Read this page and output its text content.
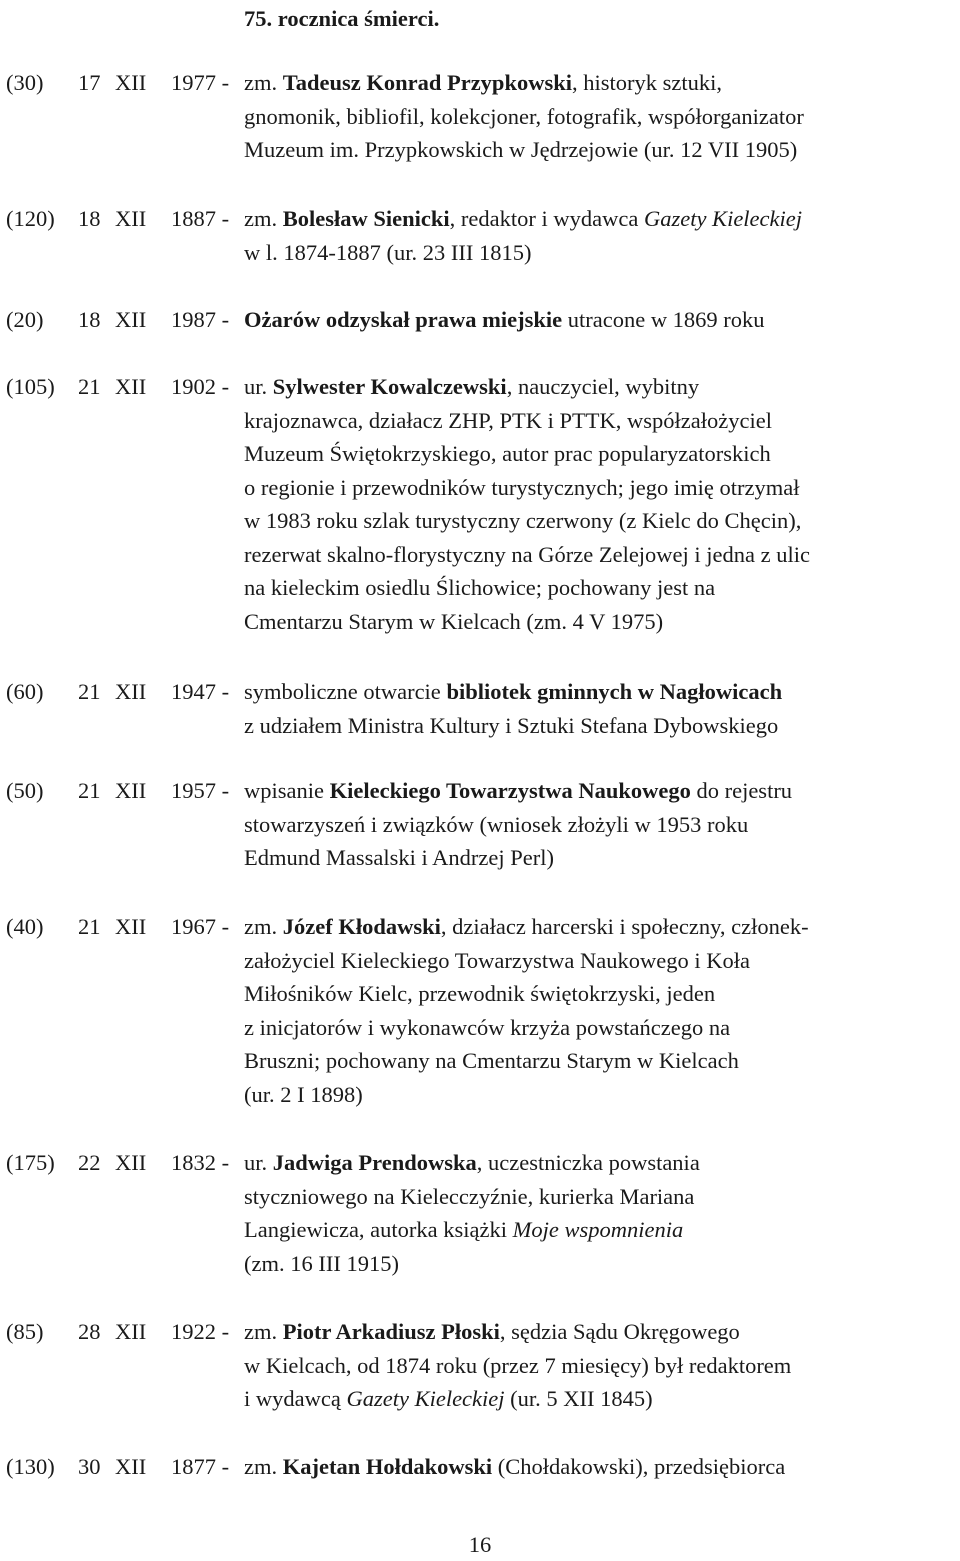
75. rocznica śmierci.
(30) 17 XII 1977 - zm. Tadeusz Konrad Przypkowski, historyk sztuki,
gnomonik, bibliofil, kolekcjoner, fotografik, współorganizator
Muzeum im. Przypkowskich w Jędrzejowie (ur. 12 VII 1905)
(120) 18 XII 1887 - zm. Bolesław Sienicki, redaktor i wydawca Gazety Kieleckiej
w l. 1874-1887 (ur. 23 III 1815)
(20) 18 XII 1987 - Ożarów odzyskał prawa miejskie utracone w 1869 roku
(105) 21 XII 1902 - ur. Sylwester Kowalczewski, nauczyciel, wybitny
krajoznawca, działacz ZHP, PTK i PTTK, współzałożyciel
Muzeum Świętokrzyskiego, autor prac popularyzatorskich
o regionie i przewodników turystycznych; jego imię otrzymał
w 1983 roku szlak turystyczny czerwony (z Kielc do Chęcin),
rezerwat skalno-florystyczny na Górze Zelejowej i jedna z ulic
na kieleckim osiedlu Ślichowice; pochowany jest na
Cmentarzu Starym w Kielcach (zm. 4 V 1975)
(60) 21 XII 1947 - symboliczne otwarcie bibliotek gminnych w Nagłowicach
z udziałem Ministra Kultury i Sztuki Stefana Dybowskiego
(50) 21 XII 1957 - wpisanie Kieleckiego Towarzystwa Naukowego do rejestru
stowarzyszeń i związków (wniosek złożyli w 1953 roku
Edmund Massalski i Andrzej Perl)
(40) 21 XII 1967 - zm. Józef Kłodawski, działacz harcerski i społeczny, członek-
założyciel Kieleckiego Towarzystwa Naukowego i Koła
Miłośników Kielc, przewodnik świętokrzyski, jeden
z inicjatorów i wykonawców krzyża powstańczego na
Bruszni; pochowany na Cmentarzu Starym w Kielcach
(ur. 2 I 1898)
(175) 22 XII 1832 - ur. Jadwiga Prendowska, uczestniczka powstania
styczniowego na Kielecczyźnie, kurierka Mariana
Langiewicza, autorka książki Moje wspomnienia
(zm. 16 III 1915)
(85) 28 XII 1922 - zm. Piotr Arkadiusz Płoski, sędzia Sądu Okręgowego
w Kielcach, od 1874 roku (przez 7 miesięcy) był redaktorem
i wydawcą Gazety Kieleckiej (ur. 5 XII 1845)
(130) 30 XII 1877 - zm. Kajetan Hołdakowski (Chołdakowski), przedsiębiorca
16
